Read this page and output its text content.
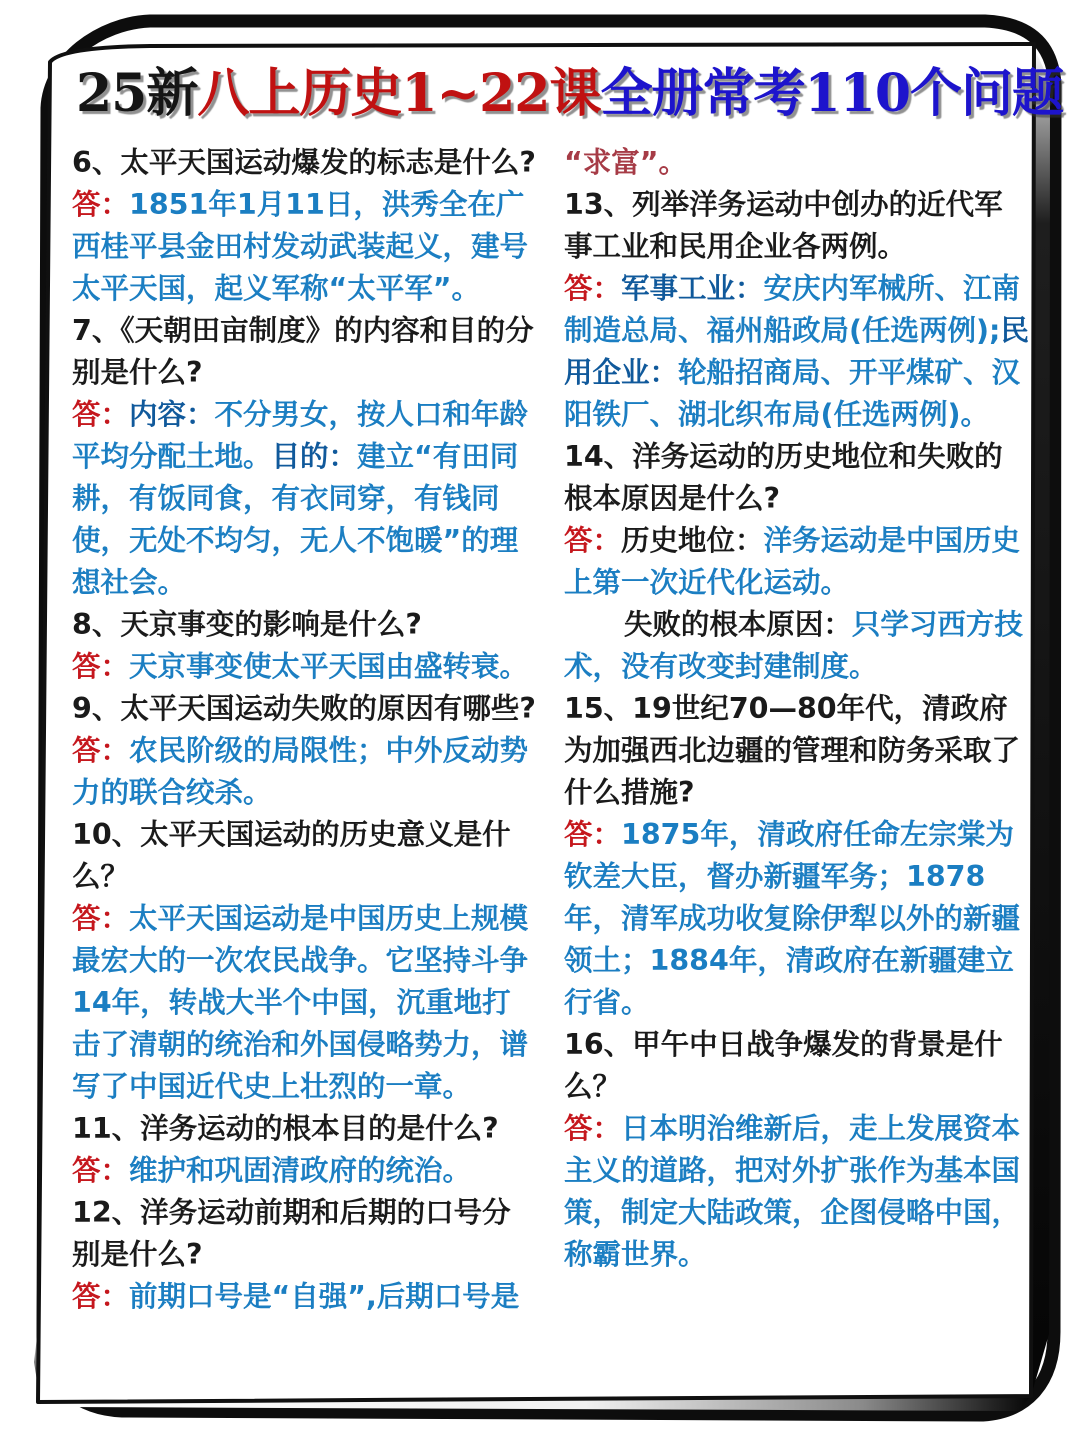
25新八上历史1~22课全册常考110个问题

6、太平天国运动爆发的标志是什么?

答：1851年1月11日，洪秀全在广西桂平县金田村发动武装起义，建号太平天国，起义军称“太平军”。

7、《天朝田亩制度》的内容和目的分别是什么?

答：内容：不分男女，按人口和年龄平均分配土地。目的：建立“有田同耕，有饭同食，有衣同穿，有钱同使，无处不均匀，无人不饱暖”的理想社会。

8、天京事变的影响是什么?

答：天京事变使太平天国由盛转衰。

9、太平天国运动失败的原因有哪些?

答：农民阶级的局限性；中外反动势力的联合绞杀。

10、太平天国运动的历史意义是什么？

答：太平天国运动是中国历史上规模最宏大的一次农民战争。它坚持斗争14年，转战大半个中国，沉重地打击了清朝的统治和外国侵略势力，谱写了中国近代史上壮烈的一章。

11、洋务运动的根本目的是什么?

答：维护和巩固清政府的统治。

12、洋务运动前期和后期的口号分别是什么?

答：前期口号是“自强”,后期口号是

“求富”。

13、列举洋务运动中创办的近代军事工业和民用企业各两例。

答：军事工业：安庆内军械所、江南制造总局、福州船政局(任选两例);民用企业：轮船招商局、开平煤矿、汉阳铁厂、湖北织布局(任选两例)。

14、洋务运动的历史地位和失败的根本原因是什么?

答：历史地位：洋务运动是中国历史上第一次近代化运动。

失败的根本原因：只学习西方技术，没有改变封建制度。

15、19世纪70—80年代，清政府为加强西北边疆的管理和防务采取了什么措施?

答：1875年，清政府任命左宗棠为钦差大臣，督办新疆军务；1878年，清军成功收复除伊犁以外的新疆领土；1884年，清政府在新疆建立行省。

16、甲午中日战争爆发的背景是什么？

答：日本明治维新后，走上发展资本主义的道路，把对外扩张作为基本国策，制定大陆政策，企图侵略中国，称霸世界。
